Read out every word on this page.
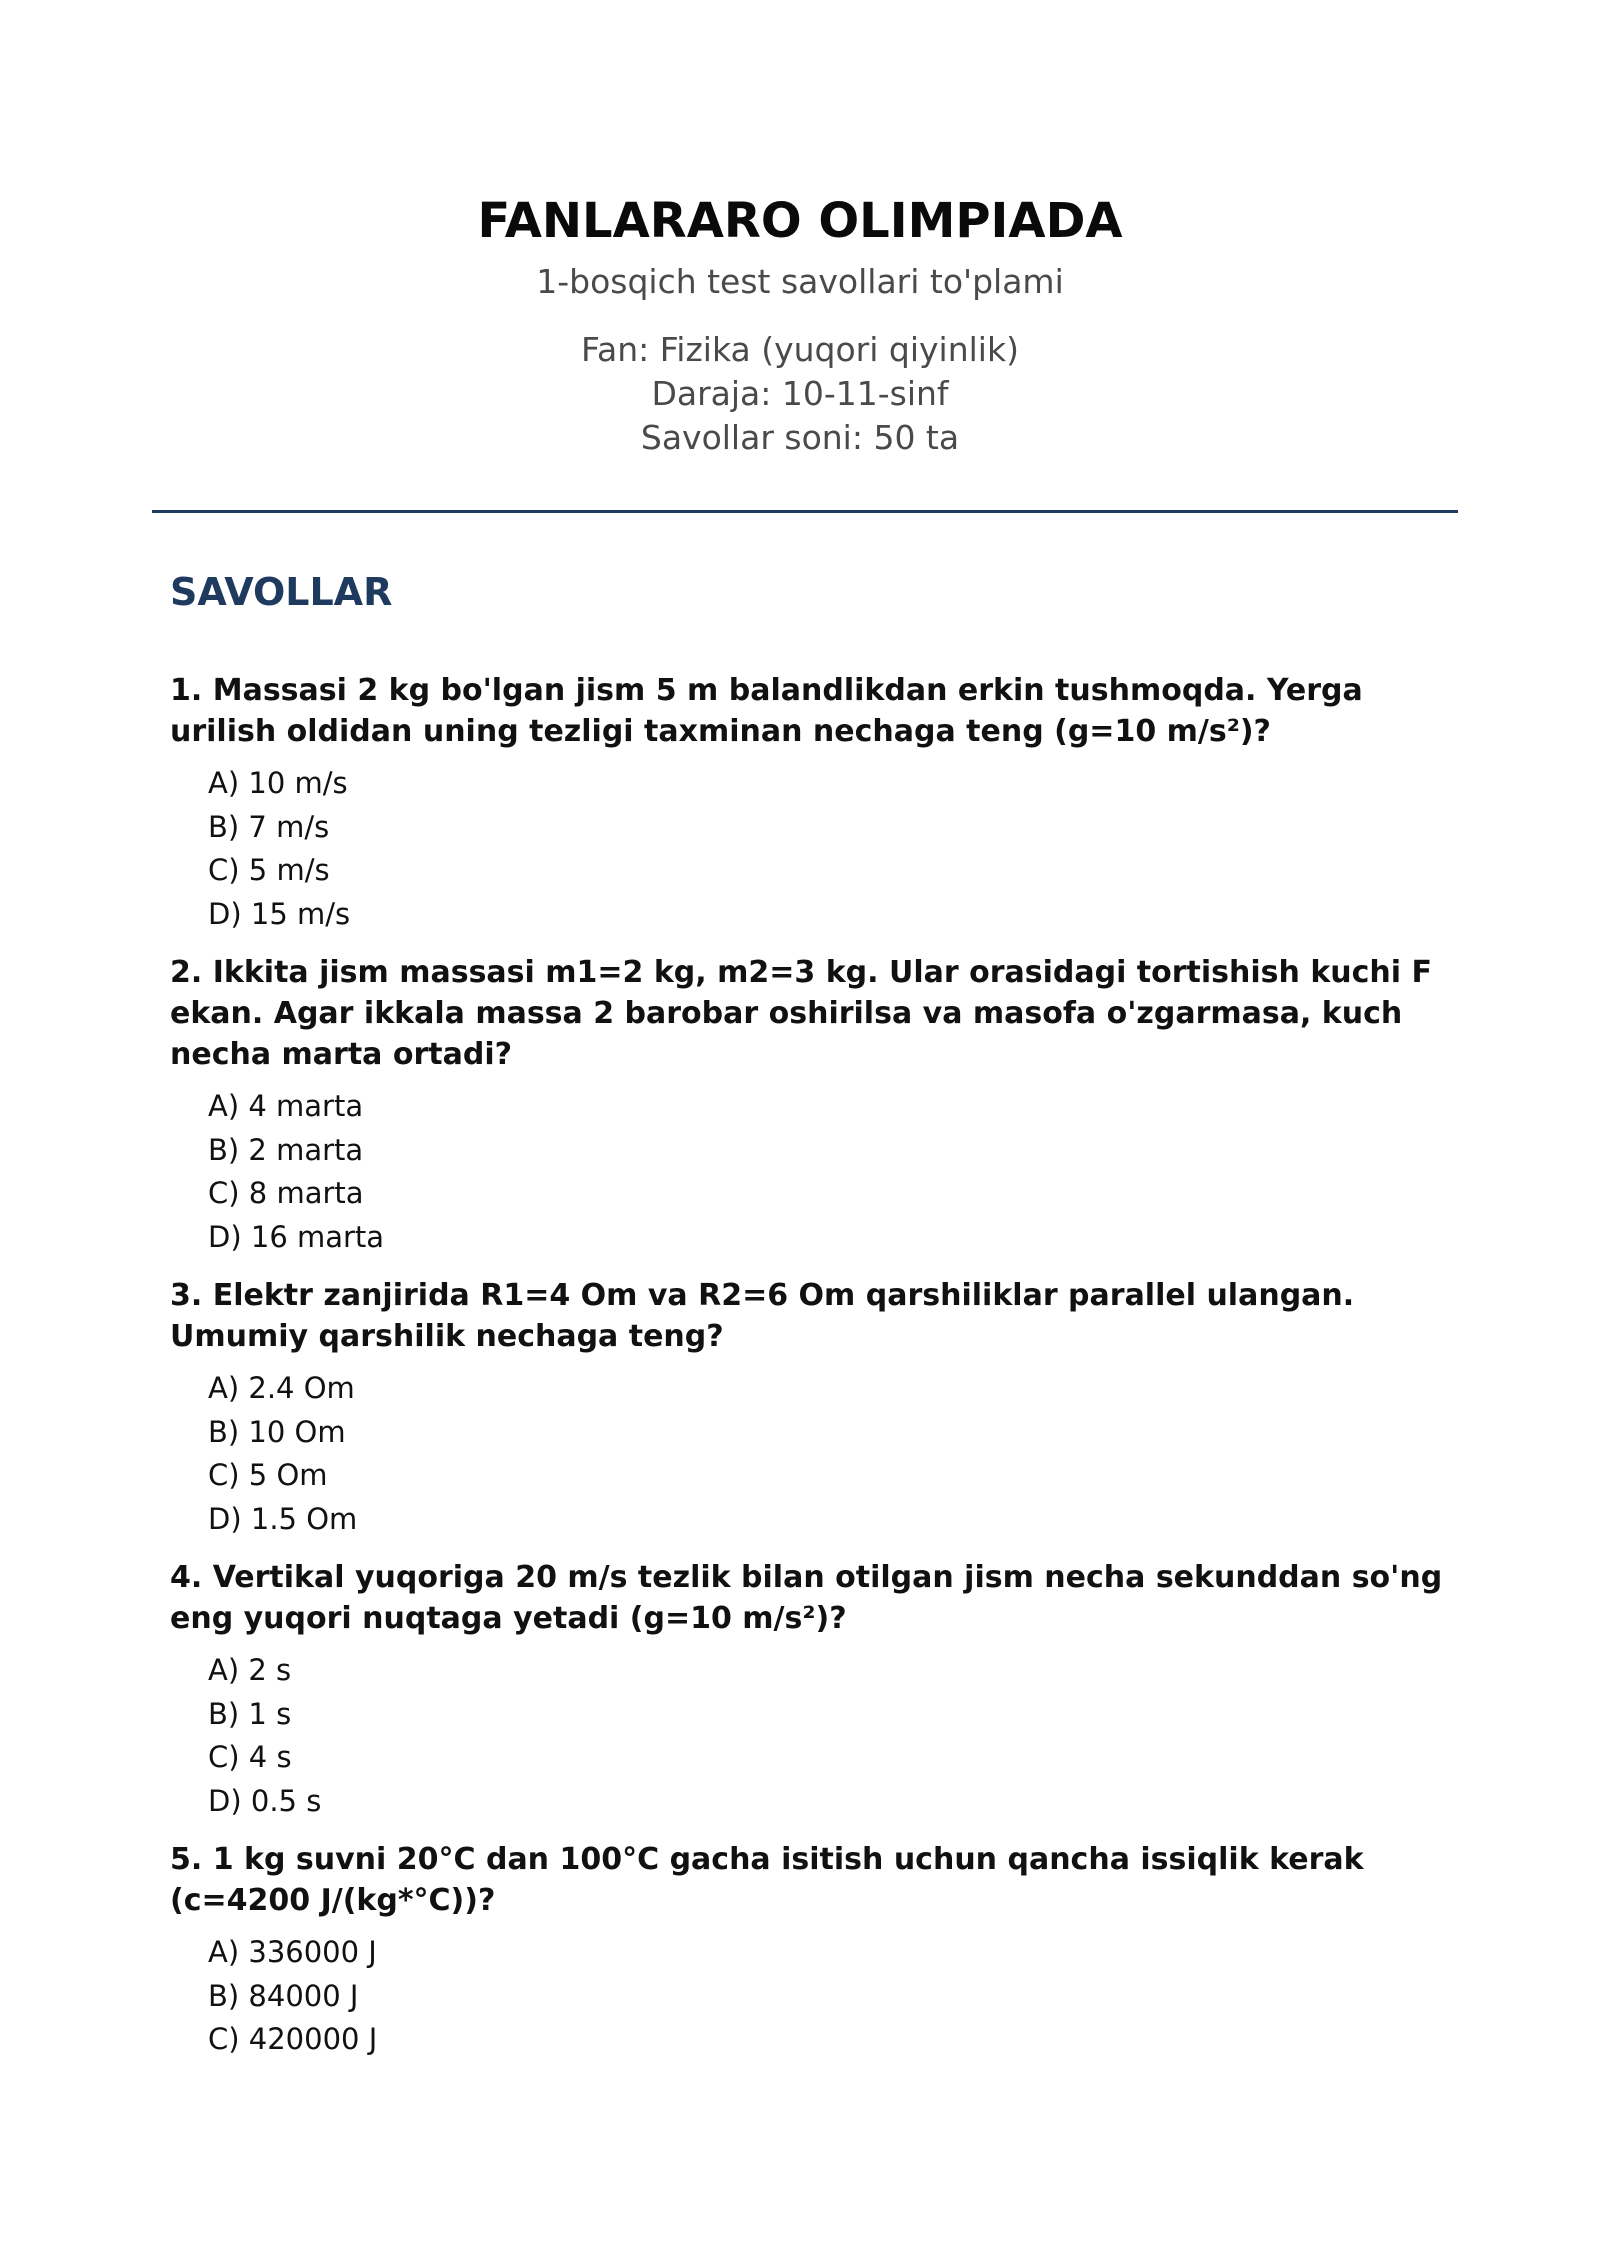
FANLARARO OLIMPIADA
1-bosqich test savollari to'plami
Fan: Fizika (yuqori qiyinlik)
Daraja: 10-11-sinf
Savollar soni: 50 ta
SAVOLLAR

1. Massasi 2 kg bo'lgan jism 5 m balandlikdan erkin tushmoqda. Yerga urilish oldidan uning tezligi taxminan nechaga teng (g=10 m/s²)?

A) 10 m/s
B) 7 m/s
C) 5 m/s
D) 15 m/s

2. Ikkita jism massasi m1=2 kg, m2=3 kg. Ular orasidagi tortishish kuchi F ekan. Agar ikkala massa 2 barobar oshirilsa va masofa o'zgarmasa, kuch necha marta ortadi?

A) 4 marta
B) 2 marta
C) 8 marta
D) 16 marta

3. Elektr zanjirida R1=4 Om va R2=6 Om qarshiliklar parallel ulangan. Umumiy qarshilik nechaga teng?

A) 2.4 Om
B) 10 Om
C) 5 Om
D) 1.5 Om

4. Vertikal yuqoriga 20 m/s tezlik bilan otilgan jism necha sekunddan so'ng eng yuqori nuqtaga yetadi (g=10 m/s²)?

A) 2 s
B) 1 s
C) 4 s
D) 0.5 s

5. 1 kg suvni 20°C dan 100°C gacha isitish uchun qancha issiqlik kerak (c=4200 J/(kg*°C))?

A) 336000 J
B) 84000 J
C) 420000 J
